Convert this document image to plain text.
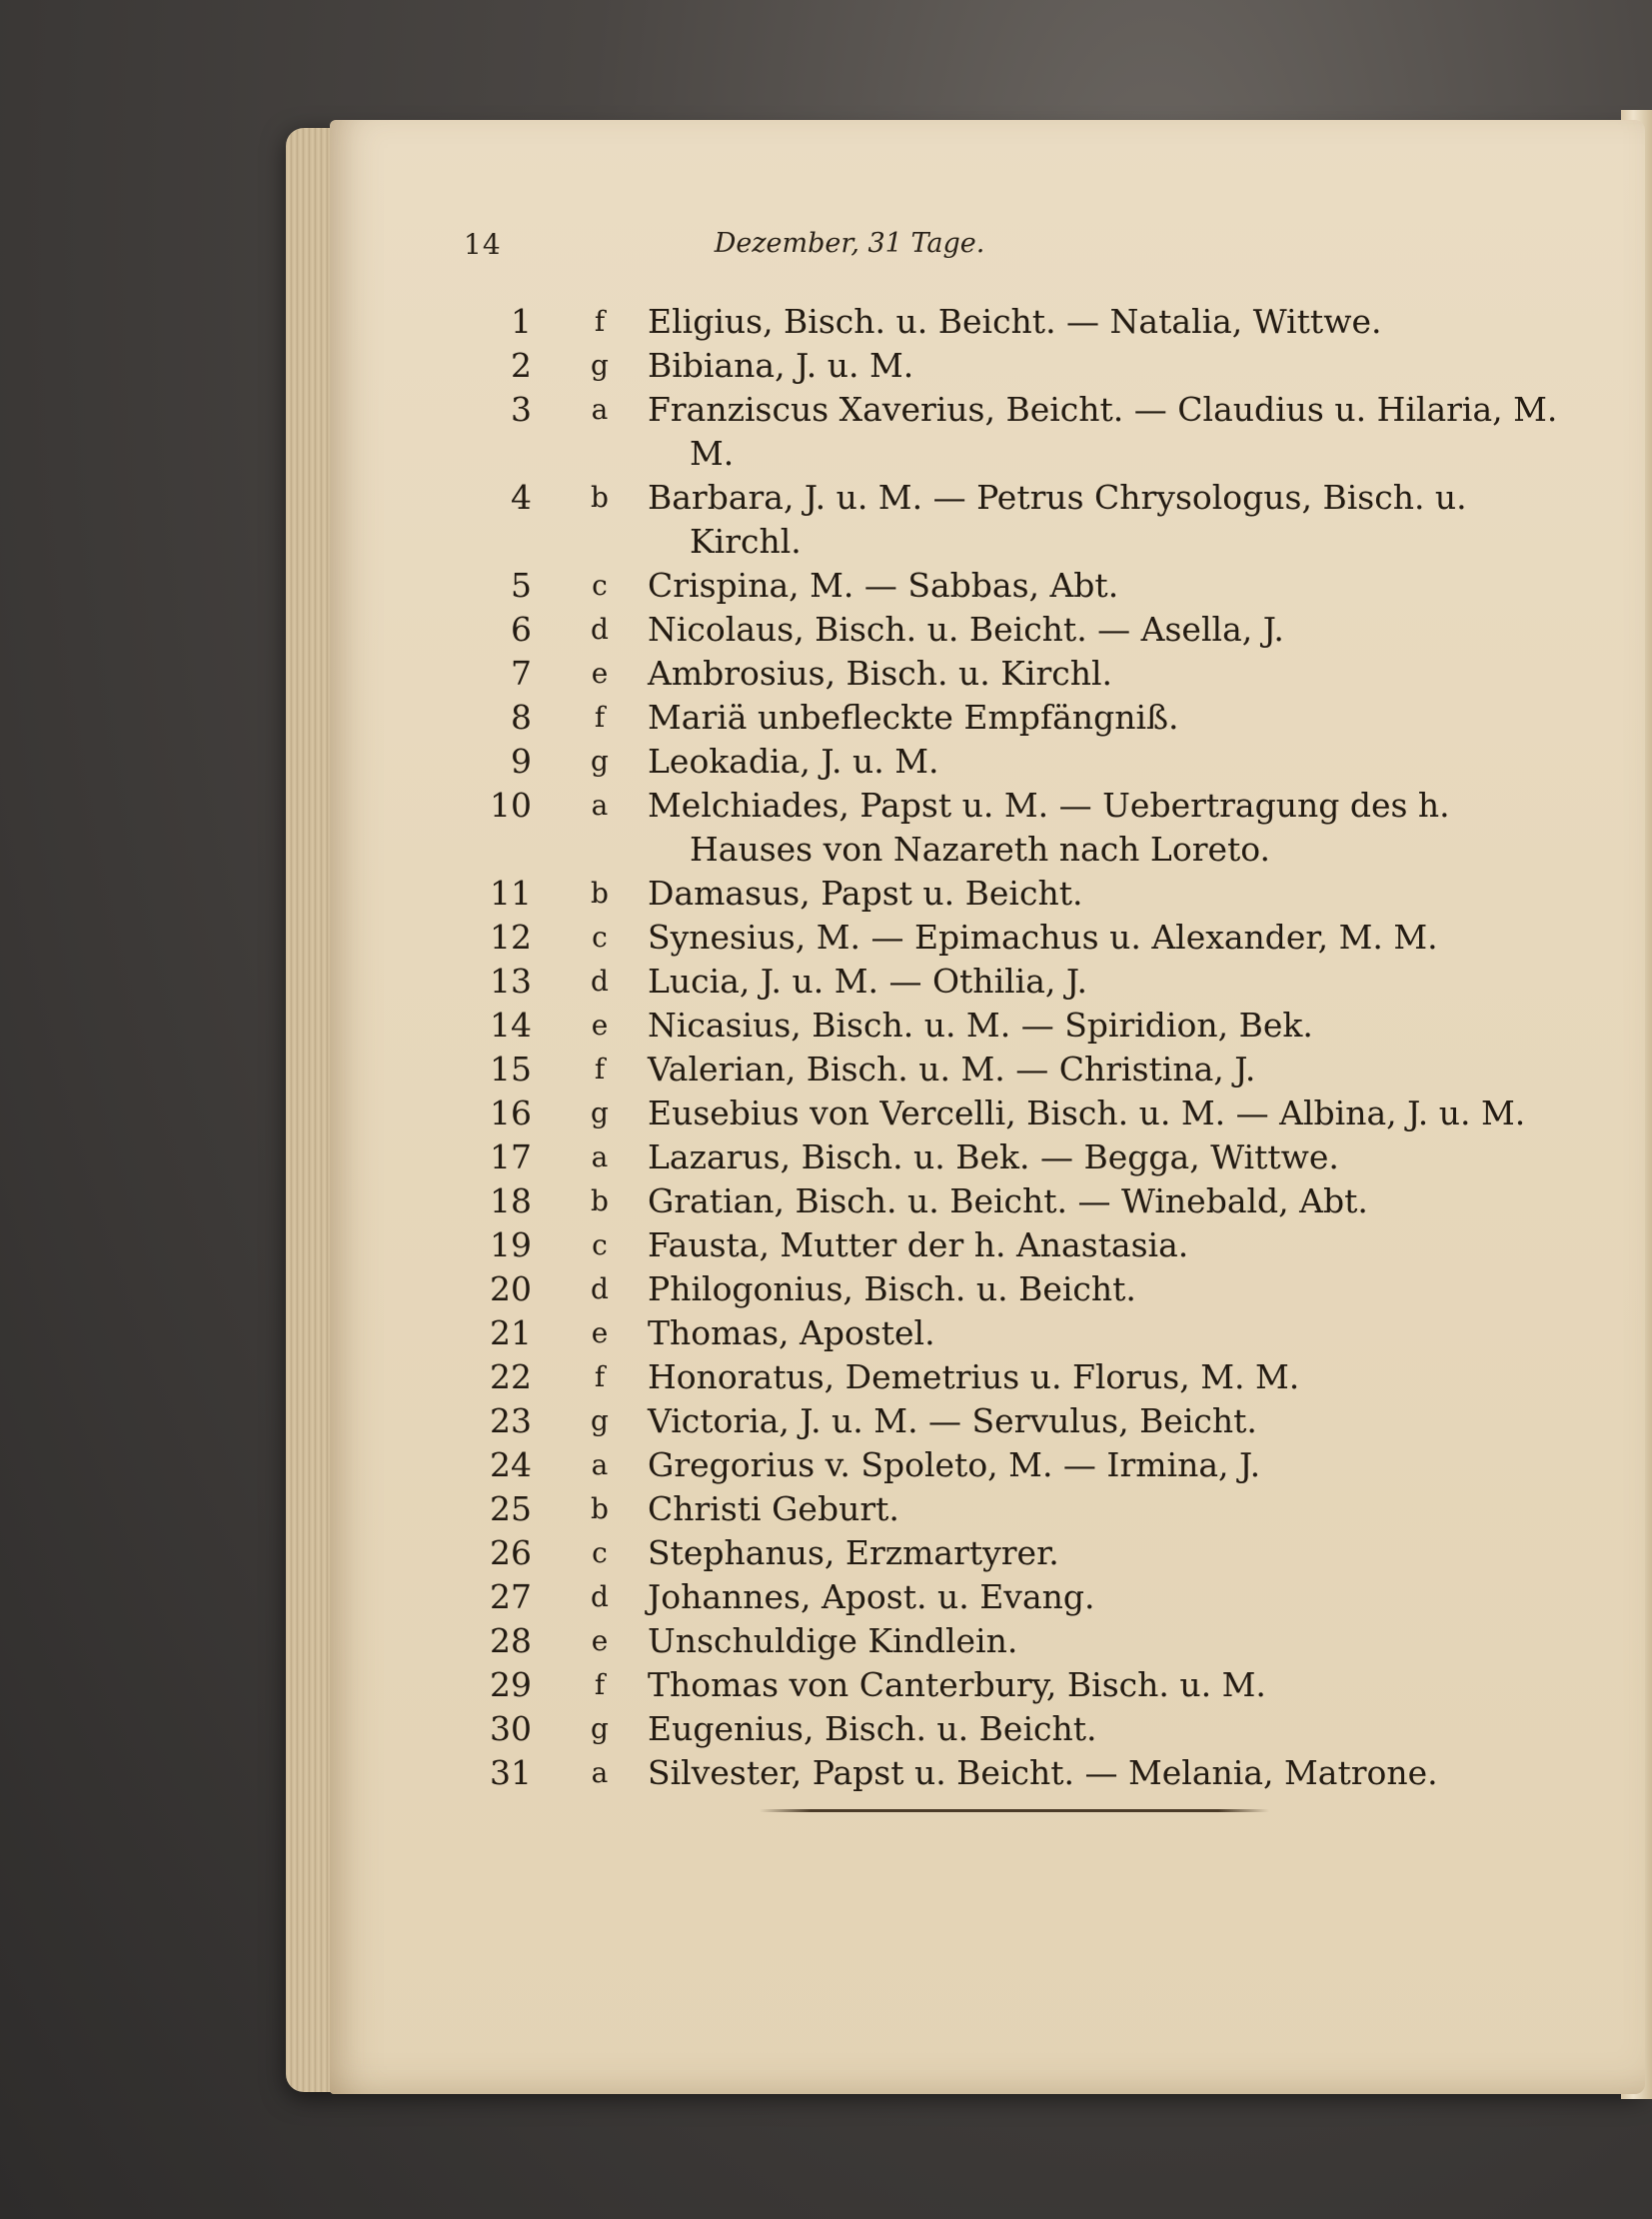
14	Dezember, 31 Tage.
1 f Eligius, Bisch. u. Beicht. — Natalia, Wittwe.
2 g Bibiana, J. u. M.
3 a Franziscus Xaverius, Beicht. — Claudius u. Hilaria, M. M.
4 b Barbara, J. u. M. — Petrus Chrysologus, Bisch. u. Kirchl.
5 c Crispina, M. — Sabbas, Abt.
6 d Nicolaus, Bisch. u. Beicht. — Asella, J.
7 e Ambrosius, Bisch. u. Kirchl.
8 f Mariä unbefleckte Empfängniß.
9 g Leokadia, J. u. M.
10 a Melchiades, Papst u. M. — Uebertragung des h. Hauses von Nazareth nach Loreto.
11 b Damasus, Papst u. Beicht.
12 c Synesius, M. — Epimachus u. Alexander, M. M.
13 d Lucia, J. u. M. — Othilia, J.
14 e Nicasius, Bisch. u. M. — Spiridion, Bek.
15 f Valerian, Bisch. u. M. — Christina, J.
16 g Eusebius von Vercelli, Bisch. u. M. — Albina, J. u. M.
17 a Lazarus, Bisch. u. Bek. — Begga, Wittwe.
18 b Gratian, Bisch. u. Beicht. — Winebald, Abt.
19 c Fausta, Mutter der h. Anastasia.
20 d Philogonius, Bisch. u. Beicht.
21 e Thomas, Apostel.
22 f Honoratus, Demetrius u. Florus, M. M.
23 g Victoria, J. u. M. — Servulus, Beicht.
24 a Gregorius v. Spoleto, M. — Irmina, J.
25 b Christi Geburt.
26 c Stephanus, Erzmartyrer.
27 d Johannes, Apost. u. Evang.
28 e Unschuldige Kindlein.
29 f Thomas von Canterbury, Bisch. u. M.
30 g Eugenius, Bisch. u. Beicht.
31 a Silvester, Papst u. Beicht. — Melania, Matrone.
